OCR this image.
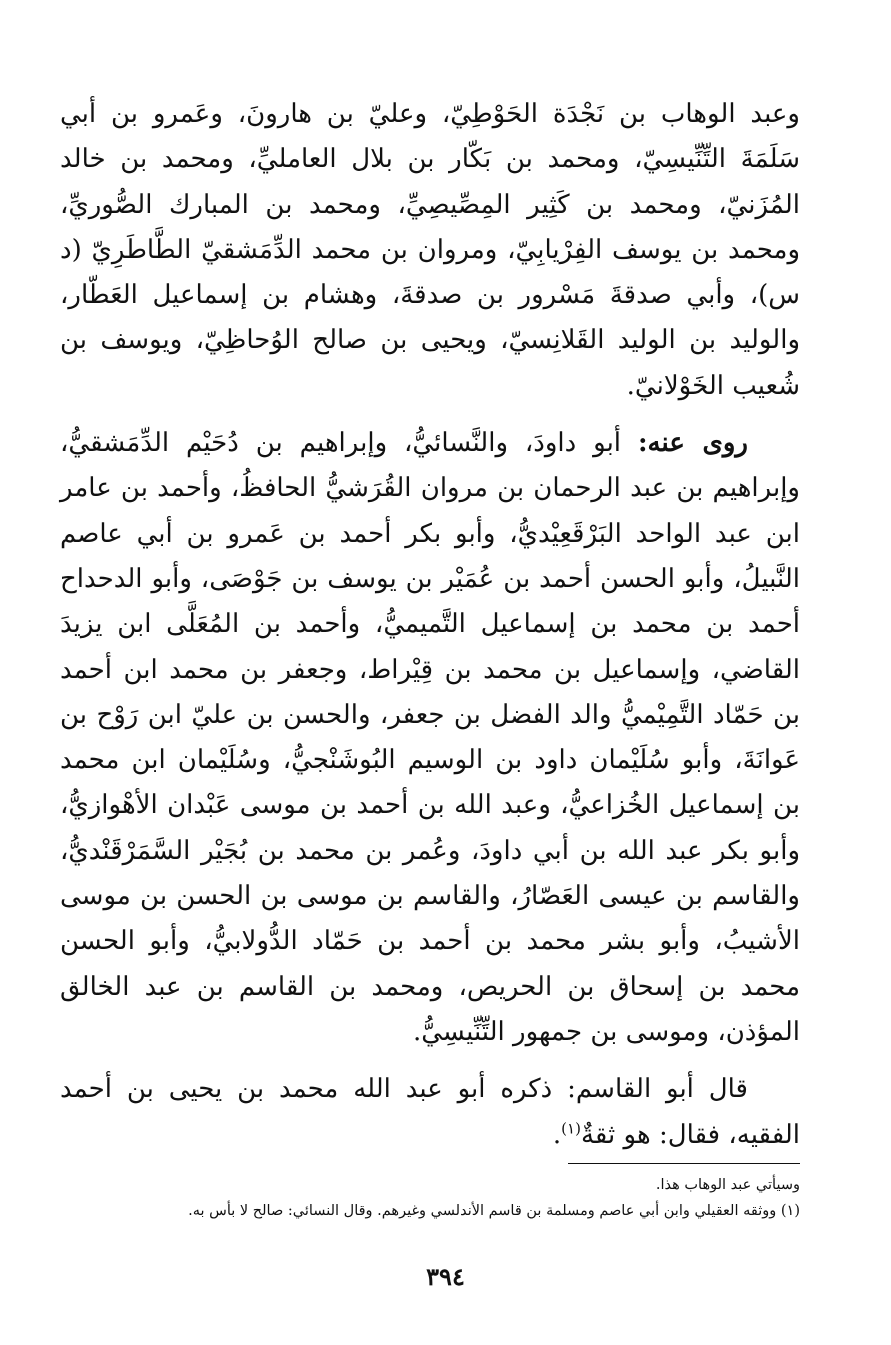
وعبد الوهاب بن نَجْدَة الحَوْطِيّ، وعليّ بن هارونَ، وعَمرو بن أبي سَلَمَةَ التِّنِّيسِيّ، ومحمد بن بَكّار بن بلال العامليِّ، ومحمد بن خالد المُزَنيّ، ومحمد بن كَثِير المِصِّيصِيِّ، ومحمد بن المبارك الصُّوريِّ، ومحمد بن يوسف الفِرْيابِيّ، ومروان بن محمد الدِّمَشقيّ الطَّاطَرِيّ (د س)، وأبي صدقةَ مَسْرور بن صدقةَ، وهشام بن إسماعيل العَطّار، والوليد بن الوليد القَلانِسيّ، ويحيى بن صالح الوُحاظِيّ، ويوسف بن شُعيب الخَوْلانيّ.

روى عنه: أبو داودَ، والنَّسائيُّ، وإبراهيم بن دُحَيْم الدِّمَشقيُّ، وإبراهيم بن عبد الرحمان بن مروان القُرَشيُّ الحافظُ، وأحمد بن عامر ابن عبد الواحد البَرْقَعِيْديُّ، وأبو بكر أحمد بن عَمرو بن أبي عاصم النَّبيلُ، وأبو الحسن أحمد بن عُمَيْر بن يوسف بن جَوْصَى، وأبو الدحداح أحمد بن محمد بن إسماعيل التَّميميُّ، وأحمد بن المُعَلَّى ابن يزيدَ القاضي، وإسماعيل بن محمد بن قِيْراط، وجعفر بن محمد ابن أحمد بن حَمّاد التَّمِيْميُّ والد الفضل بن جعفر، والحسن بن عليّ ابن رَوْح بن عَوانَةَ، وأبو سُلَيْمان داود بن الوسيم البُوشَنْجيُّ، وسُلَيْمان ابن محمد بن إسماعيل الخُزاعيُّ، وعبد الله بن أحمد بن موسى عَبْدان الأهْوازيُّ، وأبو بكر عبد الله بن أبي داودَ، وعُمر بن محمد بن بُجَيْر السَّمَرْقَنْديُّ، والقاسم بن عيسى العَصّارُ، والقاسم بن موسى بن الحسن بن موسى الأشيبُ، وأبو بشر محمد بن أحمد بن حَمّاد الدُّولابيُّ، وأبو الحسن محمد بن إسحاق بن الحريص، ومحمد بن القاسم بن عبد الخالق المؤذن، وموسى بن جمهور التِّنِّيسِيُّ.

قال أبو القاسم: ذكره أبو عبد الله محمد بن يحيى بن أحمد الفقيه، فقال: هو ثقةٌ$^{(١)}$.

وسيأتي عبد الوهاب هذا.

(١) ووثقه العقيلي وابن أبي عاصم ومسلمة بن قاسم الأندلسي وغيرهم. وقال النسائي: صالح لا بأس به.

٣٩٤
